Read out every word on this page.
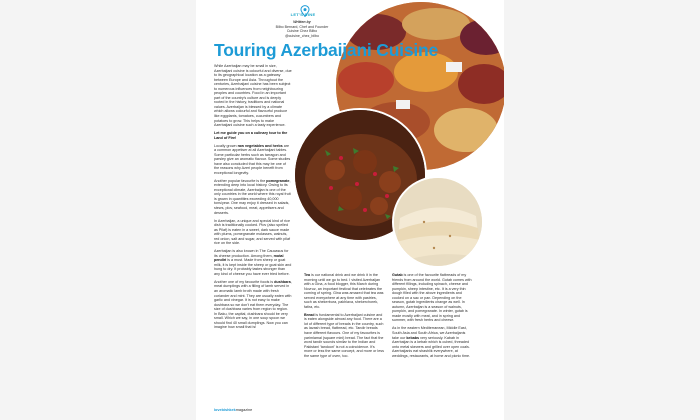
LET'S DINE
Written by
Bilbo Bernard, Chef and Founder
Cuisine Chez Bilbo
@cuisine_chez_bilbo
Touring Azerbaijani Cuisine

While Azerbaijan may be small in size, Azerbaijani cuisine is colourful and diverse, due to its geographical location as a gateway between Europe and Asia. Throughout the centuries, Azerbaijani cuisine has been subject to numerous influences from neighbouring peoples and countries. Food in an important part of the country's culture and is deeply rooted in the history, traditions and national values. Azerbaijan is blessed by a climate which allows colourful and flavourful produce like eggplants, tomatoes, cucumbers and potatoes to grow. This helps to make Azerbaijani cuisine such a tasty experience.

Let me guide you on a culinary tour to the Land of Fire!

Locally grown raw vegetables and herbs are a common appetiser at all Azerbaijani tables. Some particular herbs such as tarragon and parsley give an aromatic flavour. Some studies have also concluded that this may be one of the reasons why Azeri people benefit from exceptional longevity.

Another popular favourite is the pomegranate, extending deep into local history. Owing to its exceptional climate, Azerbaijan is one of the only countries in the world where this royal fruit is grown in quantities exceeding 40,000 tons/year. One may enjoy it dressed in salads, stews, plov, seafood, meat, appetisers and desserts.

In Azerbaijan, a unique and special kind of rice dish is traditionally cooked. Plov (also spelled as Pilaf) is eaten in a sweet, dark sauce made with plums, pomegranate molasses, walnuts, red onion, salt and sugar, and served with pilaf rice on the side.

Azerbaijan is also known in The Caucasus for its cheese production. Among them, motal pendiri is a must. Made from sheep or goat milk, it is kept inside the sheep or goat skin and hung to dry. It probably tastes stronger than any kind of cheese you have ever tried before.

Another one of my favourite foods is dushbara, meat dumplings with a filling of lamb served in an aromatic lamb broth made with fresh coriander and mint. They are usually eaten with garlic and vinegar. It is not easy to make dushbara so we don't eat them everyday. The size of dushbara varies from region to region. In Baku, the capital, dushbara should be very small. Which we say, in one soup spoon we should find 40 small dumplings. Now you can imagine how small that is!

Tea is our national drink and we drink it in the morning until we go to bed. I visited Azerbaijan with a Gina, a food blogger, this March during Novruz, an important festival that celebrates the coming of spring. Gina was amazed that tea was served everywhere at any time with pastries, such as shekerbura, pakhlava, shekerchorek, fatira, etc.

Bread is fundamental to Azerbaijani cuisine and is eaten alongside almost any food. There are a lot of different type of breads in the country, such as lavash bread, flatbread, etc. Tandir breads have different flavours. One of my favourites is yarimlamal (square mini) bread. The fact that the word tandir sounds similar to the Indian and Pakistani 'tandoori' is not a coincidence. It's more or less the same concept, and more or less the same type of oven, too.

Gutab is one of the favourite flatbreads of my friends from around the world. Gutab comes with different fillings, including spinach, cheese and pumpkin, sheep intestine, etc. It is a very thin dough filled with the above ingredients and cooked on a sac or pan. Depending on the season, gutab ingredients change as well. In autumn, Azerbaijan is a season of walnuts, pumpkin, and pomegranate. In winter, gutab is made mostly with meat, and in spring and summer, with fresh herbs and cheese.

As in the eastern Mediterranean, Middle East, South Asia and South Africa, we Azerbaijanis take our kebabs very seriously. Kabab in Azerbaijan is a kebab which is cubed, threaded onto metal skewers and grilled over open coals. Azerbaijanis eat shashlik everywhere, at weddings, restaurants, at home and picnic time.

lovebishkekmagazine
